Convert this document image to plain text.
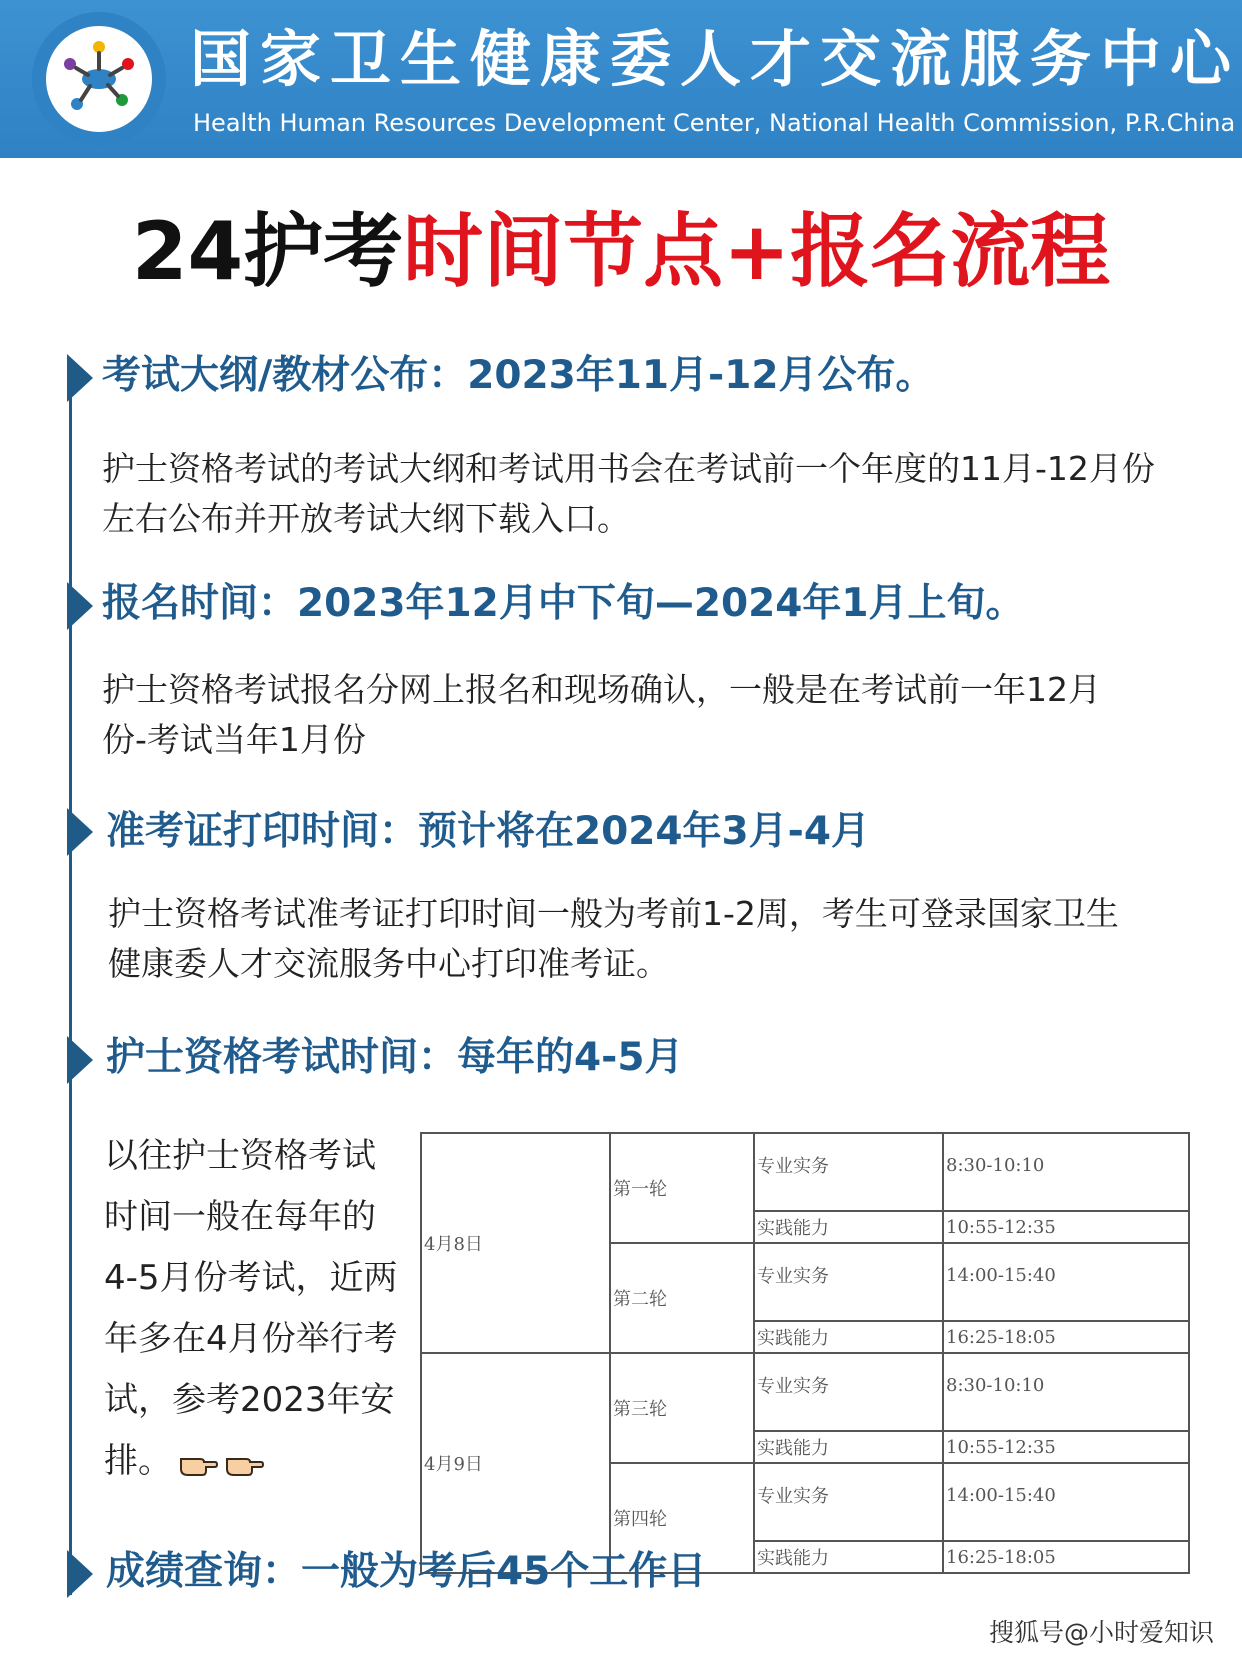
国家卫生健康委人才交流服务中心
Health Human Resources Development Center, National Health Commission, P.R.China
24护考时间节点+报名流程
考试大纲/教材公布：2023年11月-12月公布。
护士资格考试的考试大纲和考试用书会在考试前一个年度的11月-12月份左右公布并开放考试大纲下载入口。
报名时间：2023年12月中下旬—2024年1月上旬。
护士资格考试报名分网上报名和现场确认，一般是在考试前一年12月份-考试当年1月份
准考证打印时间：预计将在2024年3月-4月
护士资格考试准考证打印时间一般为考前1-2周，考生可登录国家卫生健康委人才交流服务中心打印准考证。
护士资格考试时间：每年的4-5月
以往护士资格考试时间一般在每年的4-5月份考试，近两年多在4月份举行考试，参考2023年安排。
4月8日	第一轮	专业实务	8:30-10:10
		实践能力	10:55-12:35
	第二轮	专业实务	14:00-15:40
		实践能力	16:25-18:05
4月9日	第三轮	专业实务	8:30-10:10
		实践能力	10:55-12:35
	第四轮	专业实务	14:00-15:40
		实践能力	16:25-18:05
成绩查询：一般为考后45个工作日
搜狐号@小时爱知识
